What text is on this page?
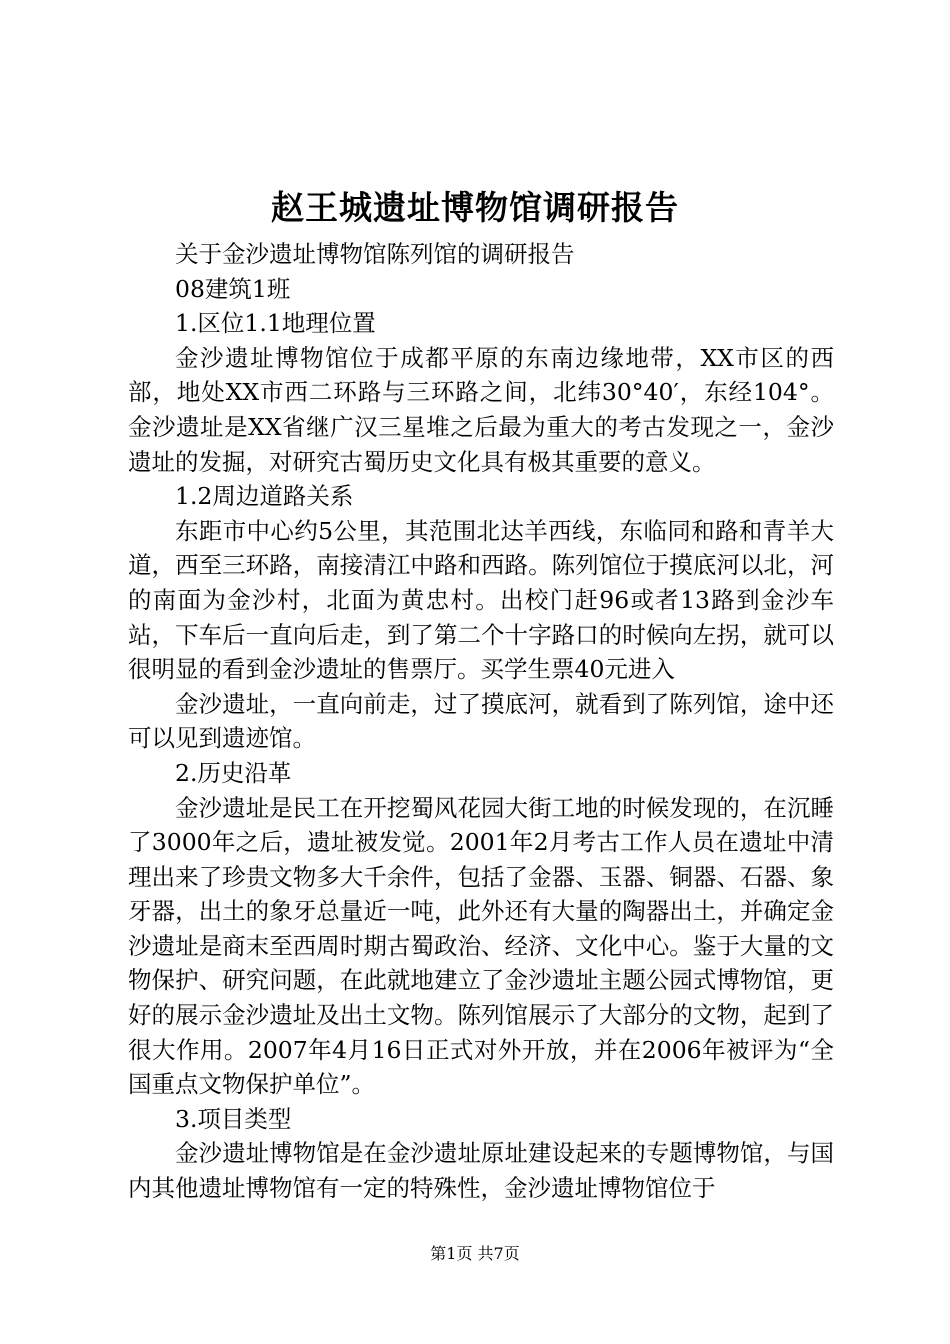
赵王城遗址博物馆调研报告

关于金沙遗址博物馆陈列馆的调研报告

08建筑1班

1.区位1.1地理位置

金沙遗址博物馆位于成都平原的东南边缘地带，XX市区的西部，地处XX市西二环路与三环路之间，北纬30°40′，东经104°。金沙遗址是XX省继广汉三星堆之后最为重大的考古发现之一，金沙遗址的发掘，对研究古蜀历史文化具有极其重要的意义。

1.2周边道路关系

东距市中心约5公里，其范围北达羊西线，东临同和路和青羊大道，西至三环路，南接清江中路和西路。陈列馆位于摸底河以北，河的南面为金沙村，北面为黄忠村。出校门赶96或者13路到金沙车站，下车后一直向后走，到了第二个十字路口的时候向左拐，就可以很明显的看到金沙遗址的售票厅。买学生票40元进入

金沙遗址，一直向前走，过了摸底河，就看到了陈列馆，途中还可以见到遗迹馆。

2.历史沿革

金沙遗址是民工在开挖蜀风花园大街工地的时候发现的，在沉睡了3000年之后，遗址被发觉。2001年2月考古工作人员在遗址中清理出来了珍贵文物多大千余件，包括了金器、玉器、铜器、石器、象牙器，出土的象牙总量近一吨，此外还有大量的陶器出土，并确定金沙遗址是商末至西周时期古蜀政治、经济、文化中心。鉴于大量的文物保护、研究问题，在此就地建立了金沙遗址主题公园式博物馆，更好的展示金沙遗址及出土文物。陈列馆展示了大部分的文物，起到了很大作用。2007年4月16日正式对外开放，并在2006年被评为“全国重点文物保护单位”。

3.项目类型

金沙遗址博物馆是在金沙遗址原址建设起来的专题博物馆，与国内其他遗址博物馆有一定的特殊性，金沙遗址博物馆位于

第1页 共7页
